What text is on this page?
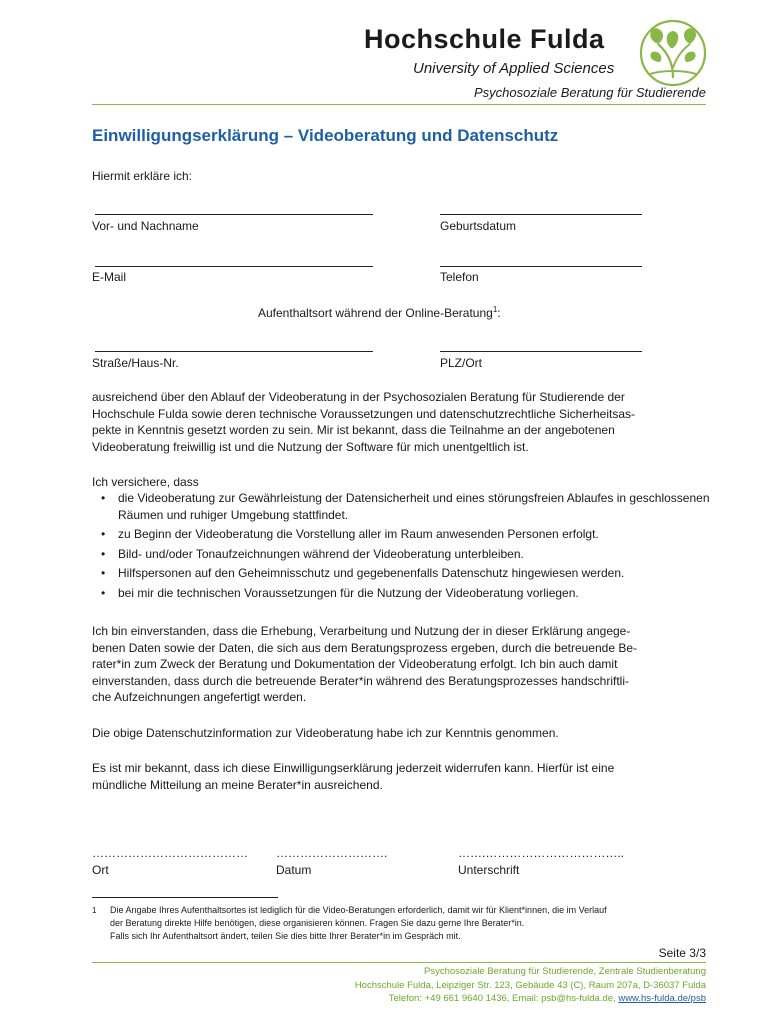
Hochschule Fulda
University of Applied Sciences
Psychosoziale Beratung für Studierende
Einwilligungserklärung – Videoberatung und Datenschutz
Hiermit erkläre ich:
Vor- und Nachname	Geburtsdatum
E-Mail	Telefon
Aufenthaltsort während der Online-Beratung$^1$:
Straße/Haus-Nr.	PLZ/Ort

ausreichend über den Ablauf der Videoberatung in der Psychosozialen Beratung für Studierende der

Hochschule Fulda sowie deren technische Voraussetzungen und datenschutzrechtliche Sicherheitsas-

pekte in Kenntnis gesetzt worden zu sein. Mir ist bekannt, dass die Teilnahme an der angebotenen

Videoberatung freiwillig ist und die Nutzung der Software für mich unentgeltlich ist.

Ich versichere, dass
• die Videoberatung zur Gewährleistung der Datensicherheit und eines störungsfreien Ablaufes in geschlossenen Räumen und ruhiger Umgebung stattfindet.
• zu Beginn der Videoberatung die Vorstellung aller im Raum anwesenden Personen erfolgt.
• Bild- und/oder Tonaufzeichnungen während der Videoberatung unterbleiben.
• Hilfspersonen auf den Geheimnisschutz und gegebenenfalls Datenschutz hingewiesen werden.
• bei mir die technischen Voraussetzungen für die Nutzung der Videoberatung vorliegen.

Ich bin einverstanden, dass die Erhebung, Verarbeitung und Nutzung der in dieser Erklärung angege-

benen Daten sowie der Daten, die sich aus dem Beratungsprozess ergeben, durch die betreuende Be-

rater*in zum Zweck der Beratung und Dokumentation der Videoberatung erfolgt. Ich bin auch damit

einverstanden, dass durch die betreuende Berater*in während des Beratungsprozesses handschriftli-

che Aufzeichnungen angefertigt werden.

Die obige Datenschutzinformation zur Videoberatung habe ich zur Kenntnis genommen.

Es ist mir bekannt, dass ich diese Einwilligungserklärung jederzeit widerrufen kann. Hierfür ist eine

mündliche Mitteilung an meine Berater*in ausreichend.

………………………………… ……………………….	…….……………………………..
Ort	Datum	Unterschrift
1 Die Angabe Ihres Aufenthaltsortes ist lediglich für die Video-Beratungen erforderlich, damit wir für Klient*innen, die im Verlauf
der Beratung direkte Hilfe benötigen, diese organisieren können. Fragen Sie dazu gerne Ihre Berater*in.
Falls sich Ihr Aufenthaltsort ändert, teilen Sie dies bitte Ihrer Berater*in im Gespräch mit.
Seite 3/3
Psychosoziale Beratung für Studierende, Zentrale Studienberatung
Hochschule Fulda, Leipziger Str. 123, Gebäude 43 (C), Raum 207a, D-36037 Fulda
Telefon: +49 661 9640 1436, Email: psb@hs-fulda.de, www.hs-fulda.de/psb
